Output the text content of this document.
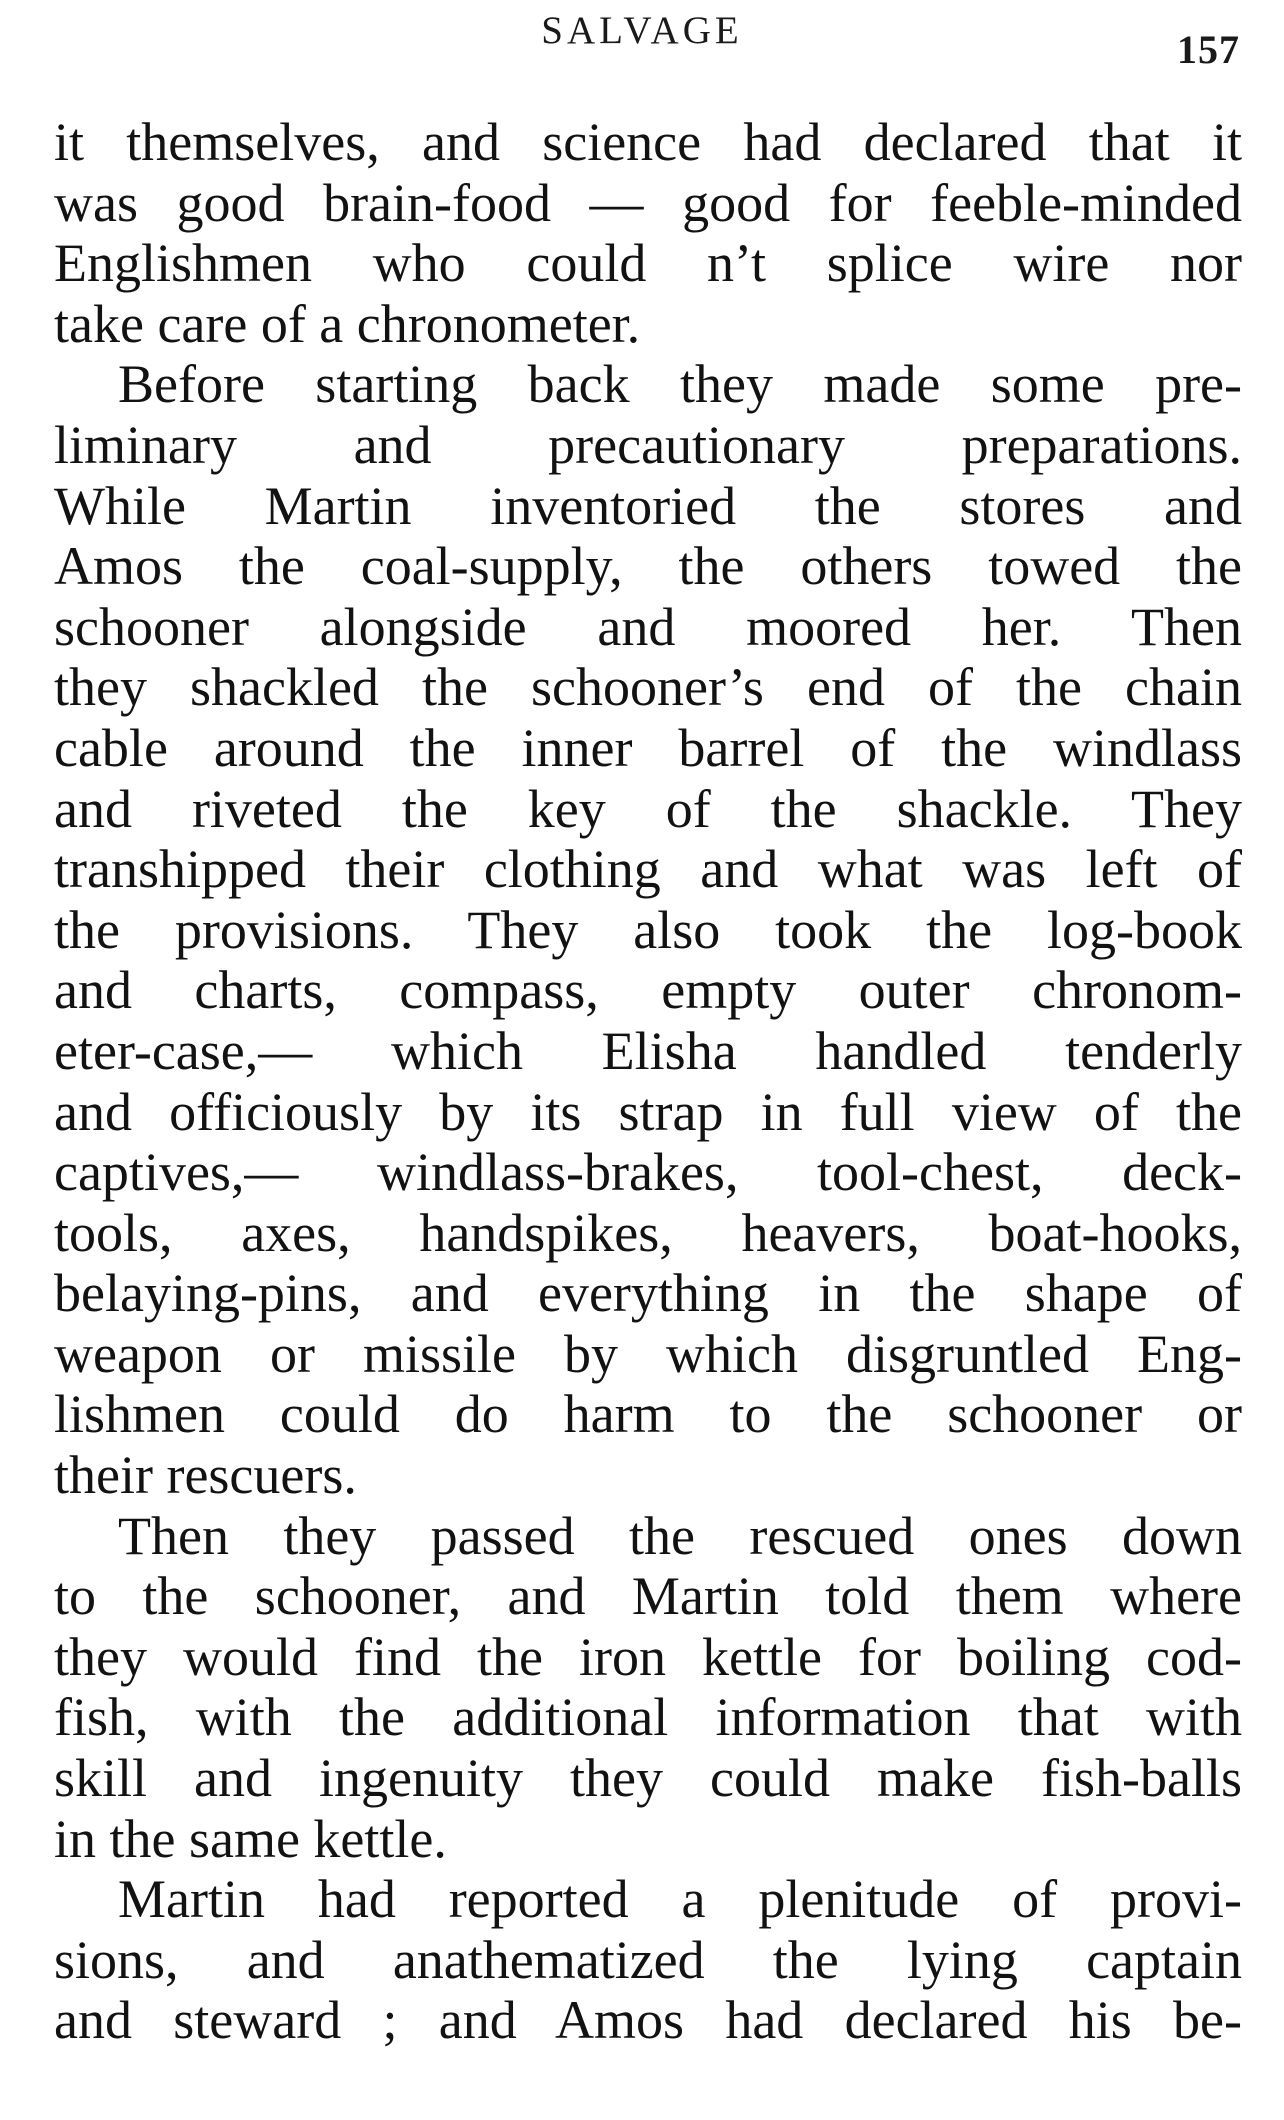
SALVAGE	157
it themselves, and science had declared that it
was good brain-food — good for feeble-minded
Englishmen who could n’t splice wire nor
take care of a chronometer.
Before starting back they made some pre-
liminary and precautionary preparations.
While Martin inventoried the stores and
Amos the coal-supply, the others towed the
schooner alongside and moored her. Then
they shackled the schooner’s end of the chain
cable around the inner barrel of the windlass
and riveted the key of the shackle. They
transhipped their clothing and what was left of
the provisions. They also took the log-book
and charts, compass, empty outer chronom-
eter-case,— which Elisha handled tenderly
and officiously by its strap in full view of the
captives,— windlass-brakes, tool-chest, deck-
tools, axes, handspikes, heavers, boat-hooks,
belaying-pins, and everything in the shape of
weapon or missile by which disgruntled Eng-
lishmen could do harm to the schooner or
their rescuers.
Then they passed the rescued ones down
to the schooner, and Martin told them where
they would find the iron kettle for boiling cod-
fish, with the additional information that with
skill and ingenuity they could make fish-balls
in the same kettle.
Martin had reported a plenitude of provi-
sions, and anathematized the lying captain
and steward ; and Amos had declared his be-
